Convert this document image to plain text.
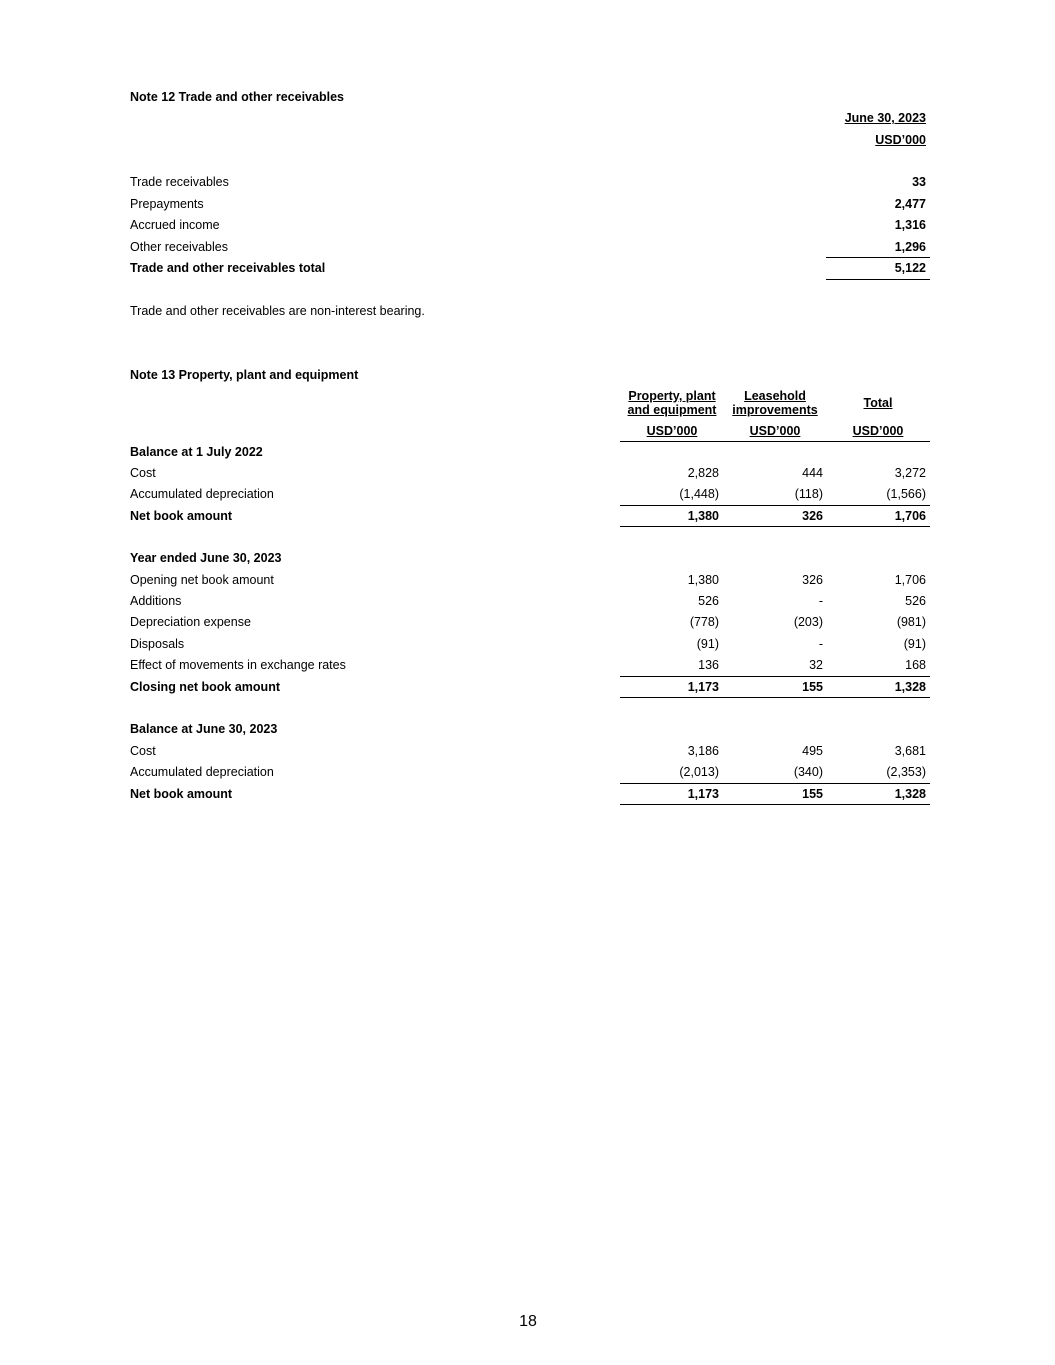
Note 12 Trade and other receivables
June 30, 2023
USD’000
Trade receivables	33
Prepayments	2,477
Accrued income	1,316
Other receivables	1,296
Trade and other receivables total	5,122
Trade and other receivables are non-interest bearing.
Note 13 Property, plant and equipment
Property, plant
and equipment
Leasehold
improvements	Total
USD’000	USD’000	USD’000
Balance at 1 July 2022
Cost	2,828	444	3,272
Accumulated depreciation	(1,448)	(118)	(1,566)
Net book amount	1,380	326	1,706
Year ended June 30, 2023
Opening net book amount	1,380	326	1,706
Additions	526	-	526
Depreciation expense	(778)	(203)	(981)
Disposals	(91)	-	(91)
Effect of movements in exchange rates	136	32	168
Closing net book amount	1,173	155	1,328
Balance at June 30, 2023
Cost	3,186	495	3,681
Accumulated depreciation	(2,013)	(340)	(2,353)
Net book amount	1,173	155	1,328
18
